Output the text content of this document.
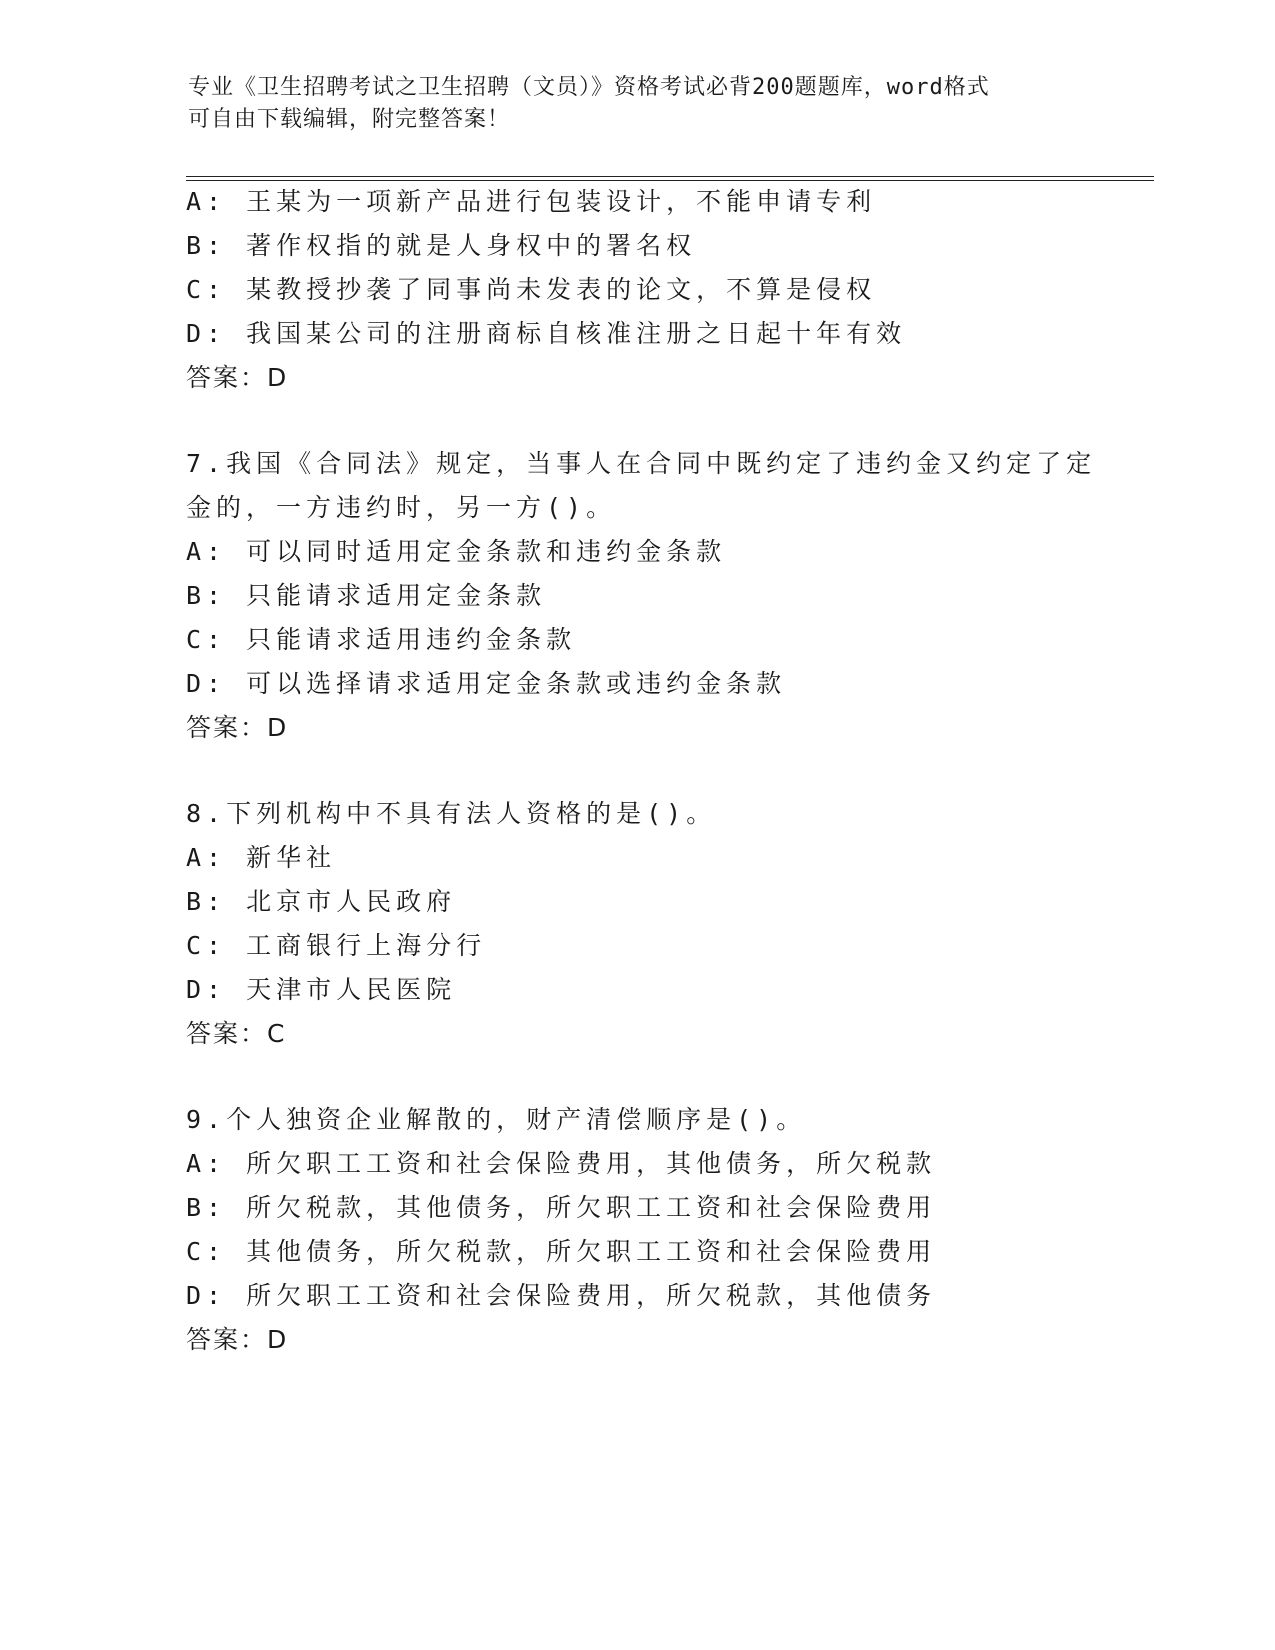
专业《卫生招聘考试之卫生招聘（文员）》资格考试必背200题题库，word格式
可自由下载编辑，附完整答案！
A: 王某为一项新产品进行包装设计，不能申请专利
B: 著作权指的就是人身权中的署名权
C: 某教授抄袭了同事尚未发表的论文，不算是侵权
D: 我国某公司的注册商标自核准注册之日起十年有效
答案：D
7.我国《合同法》规定，当事人在合同中既约定了违约金又约定了定
金的，一方违约时，另一方()。
A: 可以同时适用定金条款和违约金条款
B: 只能请求适用定金条款
C: 只能请求适用违约金条款
D: 可以选择请求适用定金条款或违约金条款
答案：D
8.下列机构中不具有法人资格的是()。
A: 新华社
B: 北京市人民政府
C: 工商银行上海分行
D: 天津市人民医院
答案：C
9.个人独资企业解散的，财产清偿顺序是()。
A: 所欠职工工资和社会保险费用，其他债务，所欠税款
B: 所欠税款，其他债务，所欠职工工资和社会保险费用
C: 其他债务，所欠税款，所欠职工工资和社会保险费用
D: 所欠职工工资和社会保险费用，所欠税款，其他债务
答案：D
